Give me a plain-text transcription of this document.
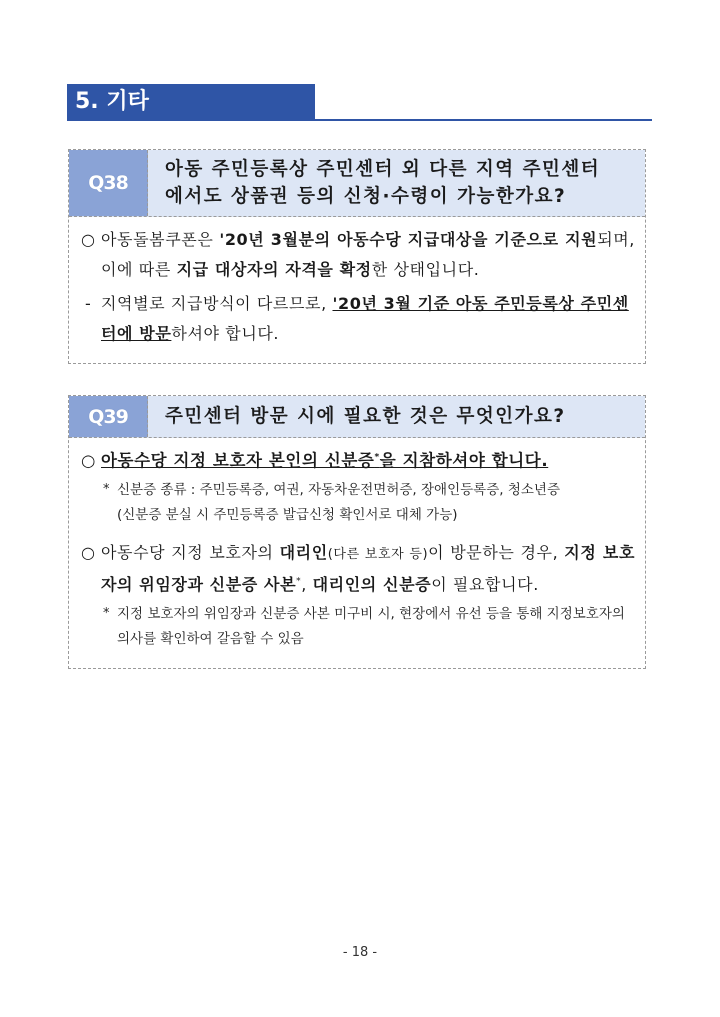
5. 기타
Q38
아동 주민등록상 주민센터 외 다른 지역 주민센터
에서도 상품권 등의 신청·수령이 가능한가요?
○ 아동돌봄쿠폰은 '20년 3월분의 아동수당 지급대상을 기준으로 지원되며, 이에 따른 지급 대상자의 자격을 확정한 상태입니다.
- 지역별로 지급방식이 다르므로, '20년 3월 기준 아동 주민등록상 주민센터에 방문하셔야 합니다.
Q39	주민센터 방문 시에 필요한 것은 무엇인가요?
○ 아동수당 지정 보호자 본인의 신분증*을 지참하셔야 합니다.
* 신분증 종류 : 주민등록증, 여권, 자동차운전면허증, 장애인등록증, 청소년증
(신분증 분실 시 주민등록증 발급신청 확인서로 대체 가능)
○ 아동수당 지정 보호자의 대리인(다른 보호자 등)이 방문하는 경우, 지정 보호자의 위임장과 신분증 사본*, 대리인의 신분증이 필요합니다.
* 지정 보호자의 위임장과 신분증 사본 미구비 시, 현장에서 유선 등을 통해 지정보호자의 의사를 확인하여 갈음할 수 있음
- 18 -
